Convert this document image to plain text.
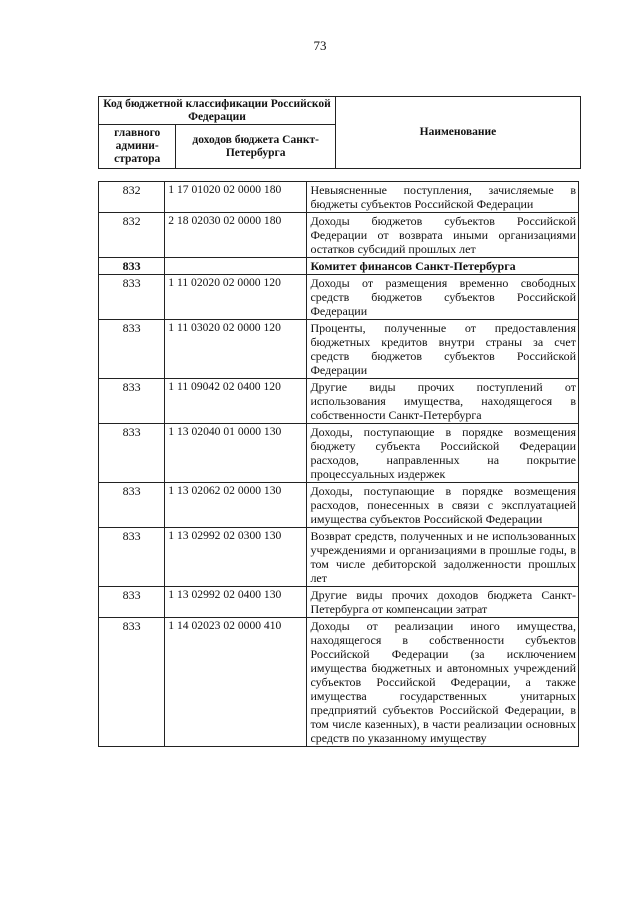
73
Код бюджетной классификации Российской Федерации		Наименование
главного админи-стратора	доходов бюджета Санкт-Петербурга	
832	1 17 01020 02 0000 180	Невыясненные поступления, зачисляемые в бюджеты субъектов Российской Федерации
832	2 18 02030 02 0000 180	Доходы бюджетов субъектов Российской Федерации от возврата иными организациями остатков субсидий прошлых лет
833		Комитет финансов Санкт-Петербурга
833	1 11 02020 02 0000 120	Доходы от размещения временно свободных средств бюджетов субъектов Российской Федерации
833	1 11 03020 02 0000 120	Проценты, полученные от предоставления бюджетных кредитов внутри страны за счет средств бюджетов субъектов Российской Федерации
833	1 11 09042 02 0400 120	Другие виды прочих поступлений от использования имущества, находящегося в собственности Санкт-Петербурга
833	1 13 02040 01 0000 130	Доходы, поступающие в порядке возмещения бюджету субъекта Российской Федерации расходов, направленных на покрытие процессуальных издержек
833	1 13 02062 02 0000 130	Доходы, поступающие в порядке возмещения расходов, понесенных в связи с эксплуатацией имущества субъектов Российской Федерации
833	1 13 02992 02 0300 130	Возврат средств, полученных и не использованных учреждениями и организациями в прошлые годы, в том числе дебиторской задолженности прошлых лет
833	1 13 02992 02 0400 130	Другие виды прочих доходов бюджета Санкт-Петербурга от компенсации затрат
833	1 14 02023 02 0000 410	Доходы от реализации иного имущества, находящегося в собственности субъектов Российской Федерации (за исключением имущества бюджетных и автономных учреждений субъектов Российской Федерации, а также имущества государственных унитарных предприятий субъектов Российской Федерации, в том числе казенных), в части реализации основных средств по указанному имуществу
